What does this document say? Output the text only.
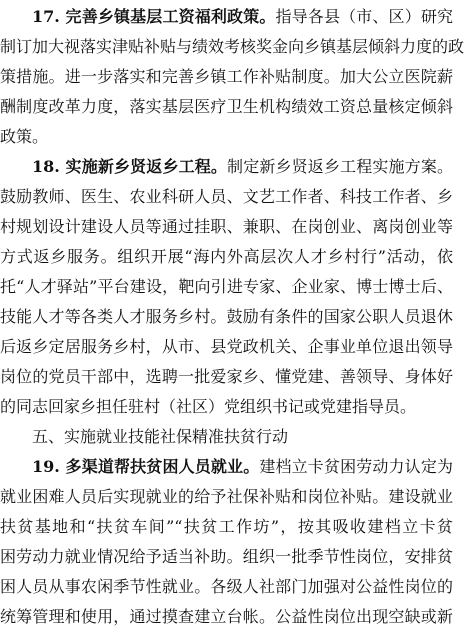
17. 完善乡镇基层工资福利政策。指导各县（市、区）研究
制订加大视落实津贴补贴与绩效考核奖金向乡镇基层倾斜力度的政
策措施。进一步落实和完善乡镇工作补贴制度。加大公立医院薪
酬制度改革力度，落实基层医疗卫生机构绩效工资总量核定倾斜
政策。
18. 实施新乡贤返乡工程。制定新乡贤返乡工程实施方案。
鼓励教师、医生、农业科研人员、文艺工作者、科技工作者、乡
村规划设计建设人员等通过挂职、兼职、在岗创业、离岗创业等
方式返乡服务。组织开展“海内外高层次人才乡村行”活动，依
托“人才驿站”平台建设，靶向引进专家、企业家、博士博士后、
技能人才等各类人才服务乡村。鼓励有条件的国家公职人员退休
后返乡定居服务乡村，从市、县党政机关、企事业单位退出领导
岗位的党员干部中，选聘一批爱家乡、懂党建、善领导、身体好
的同志回家乡担任驻村（社区）党组织书记或党建指导员。
五、实施就业技能社保精准扶贫行动
19. 多渠道帮扶贫困人员就业。建档立卡贫困劳动力认定为
就业困难人员后实现就业的给予社保补贴和岗位补贴。建设就业
扶贫基地和“扶贫车间”“扶贫工作坊”，按其吸收建档立卡贫
困劳动力就业情况给予适当补助。组织一批季节性岗位，安排贫
困人员从事农闲季节性就业。各级人社部门加强对公益性岗位的
统筹管理和使用，通过摸查建立台帐。公益性岗位出现空缺或新
